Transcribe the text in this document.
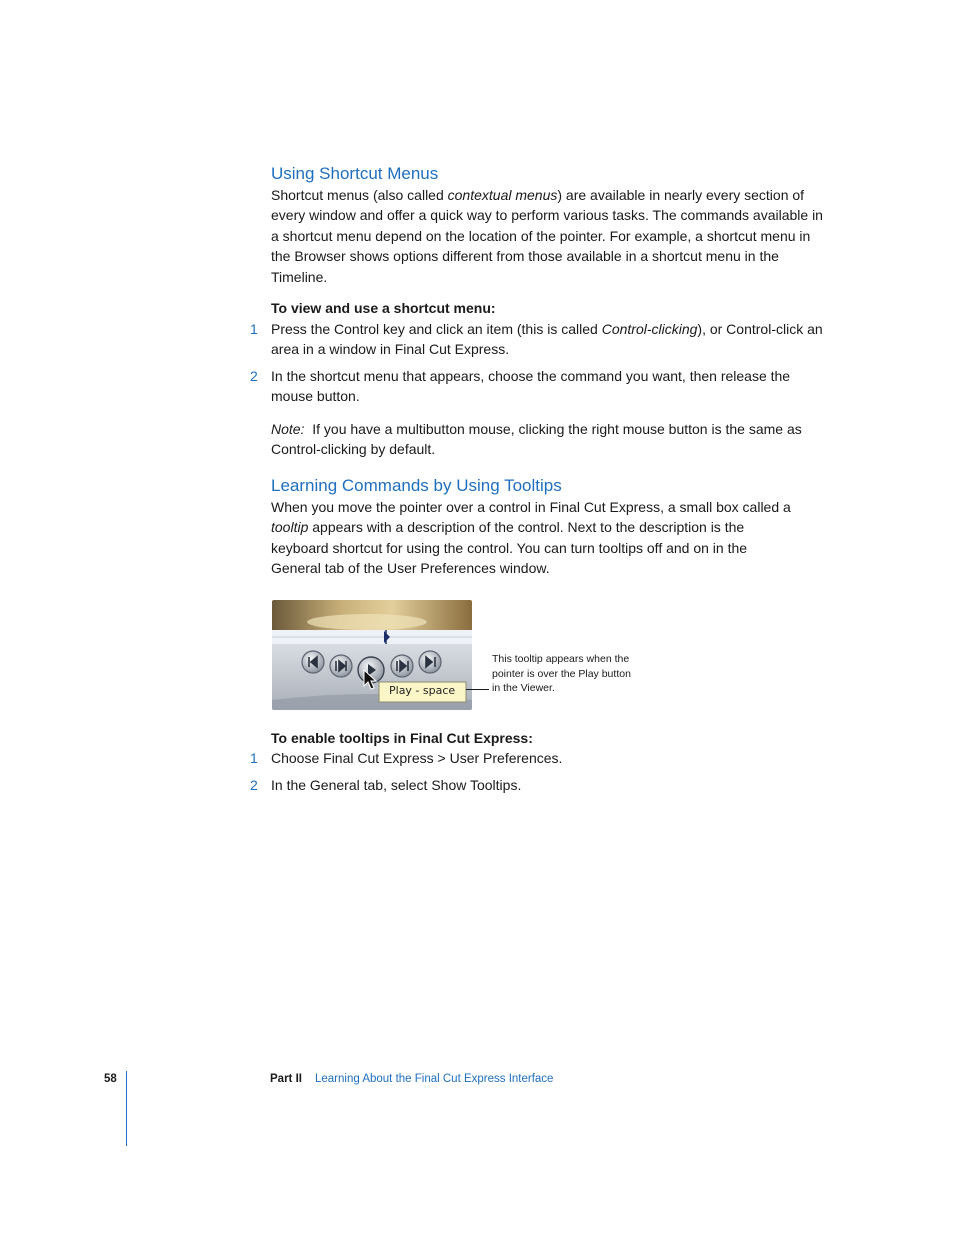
Using Shortcut Menus

Shortcut menus (also called contextual menus) are available in nearly every section of every window and offer a quick way to perform various tasks. The commands available in a shortcut menu depend on the location of the pointer. For example, a shortcut menu in the Browser shows options different from those available in a shortcut menu in the Timeline.

To view and use a shortcut menu:

1 Press the Control key and click an item (this is called Control-clicking), or Control-click an area in a window in Final Cut Express.

2 In the shortcut menu that appears, choose the command you want, then release the mouse button.

Note: If you have a multibutton mouse, clicking the right mouse button is the same as Control-clicking by default.

Learning Commands by Using Tooltips

When you move the pointer over a control in Final Cut Express, a small box called a tooltip appears with a description of the control. Next to the description is the keyboard shortcut for using the control. You can turn tooltips off and on in the General tab of the User Preferences window.

Play - space
This tooltip appears when the pointer is over the Play button in the Viewer.

To enable tooltips in Final Cut Express:

1 Choose Final Cut Express > User Preferences.

2 In the General tab, select Show Tooltips.

58	Part II Learning About the Final Cut Express Interface
